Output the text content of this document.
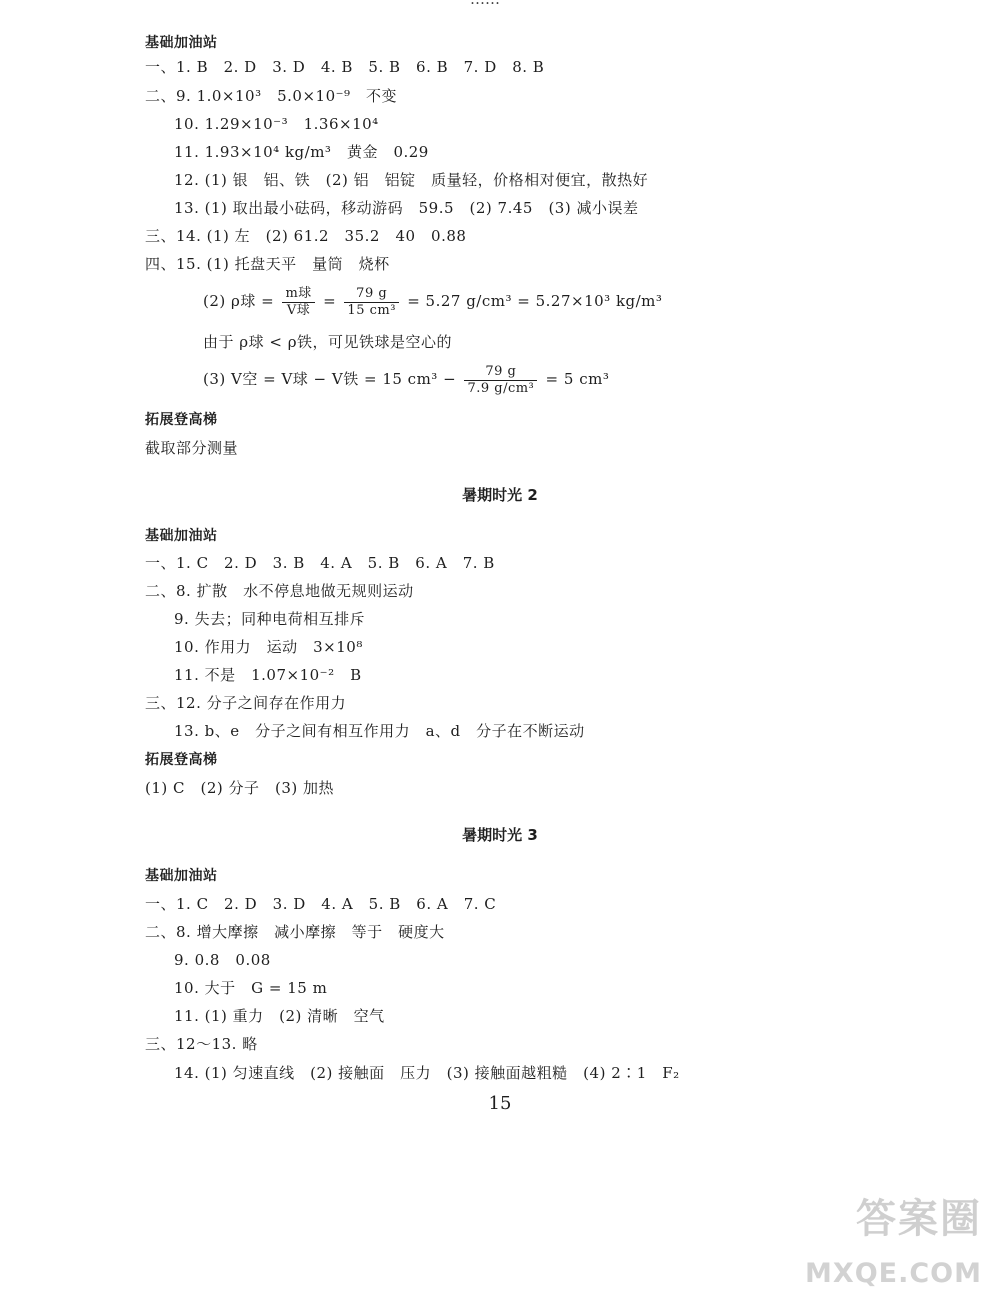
基础加油站
一、1. B　2. D　3. D　4. B　5. B　6. B　7. D　8. B
二、9. 1.0×10³　5.0×10⁻⁹　不变
10. 1.29×10⁻³　1.36×10⁴
11. 1.93×10⁴ kg/m³　黄金　0.29
12. (1) 银　铝、铁　(2) 铝　铝锭　质量轻，价格相对便宜，散热好
13. (1) 取出最小砝码，移动游码　59.5　(2) 7.45　(3) 减小误差
三、14. (1) 左　(2) 61.2　35.2　40　0.88
四、15. (1) 托盘天平　量筒　烧杯
(2) ρ球 = $\frac{\text{m球}}{\text{V球}} = \frac{79 g}{\text{15 cm³}} = 5.27$ g/cm³ = 5.27×10³ kg/m³
由于 ρ球 < ρ铁，可见铁球是空心的
(3) V空 = V球 − V铁 = 15 $cm^3 - \frac{79 g}{\text{7.9 g/cm³}} = 5$ cm³
拓展登高梯
截取部分测量
暑期时光 2
基础加油站
一、1. C　2. D　3. B　4. A　5. B　6. A　7. B
二、8. 扩散　水不停息地做无规则运动
9. 失去；同种电荷相互排斥
10. 作用力　运动　3×10⁸
11. 不是　1.07×10⁻²　B
三、12. 分子之间存在作用力
13. b、e　分子之间有相互作用力　a、d　分子在不断运动
拓展登高梯
(1) C　(2) 分子　(3) 加热
暑期时光 3
基础加油站
一、1. C　2. D　3. D　4. A　5. B　6. A　7. C
二、8. 增大摩擦　减小摩擦　等于　硬度大
9. 0.8　0.08
10. 大于　G = 15 m
11. (1) 重力　(2) 清晰　空气
三、12～13. 略
14. (1) 匀速直线　(2) 接触面　压力　(3) 接触面越粗糙　(4) 2∶1　F₂
15
答案圈
MXQE.COM
